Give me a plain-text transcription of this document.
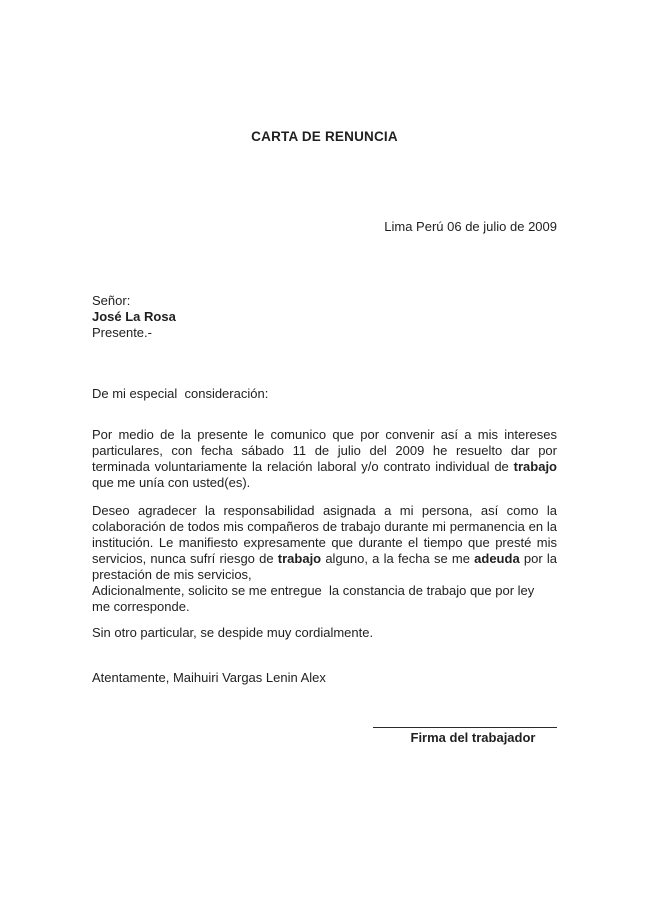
CARTA DE RENUNCIA
Lima Perú 06 de julio de 2009
Señor:
José La Rosa
Presente.-
De mi especial  consideración:

Por medio de la presente le comunico que por convenir así a mis intereses particulares, con fecha sábado 11 de julio del 2009 he resuelto dar por terminada voluntariamente la relación laboral y/o contrato individual de trabajo que me unía con usted(es).

Deseo agradecer la responsabilidad asignada a mi persona, así como la colaboración de todos mis compañeros de trabajo durante mi permanencia en la institución. Le manifiesto expresamente que durante el tiempo que presté mis servicios, nunca sufrí riesgo de trabajo alguno, a la fecha se me adeuda por la prestación de mis servicios,

Adicionalmente, solicito se me entregue  la constancia de trabajo que por ley
me corresponde.
Sin otro particular, se despide muy cordialmente.
Atentamente, Maihuiri Vargas Lenin Alex
Firma del trabajador
